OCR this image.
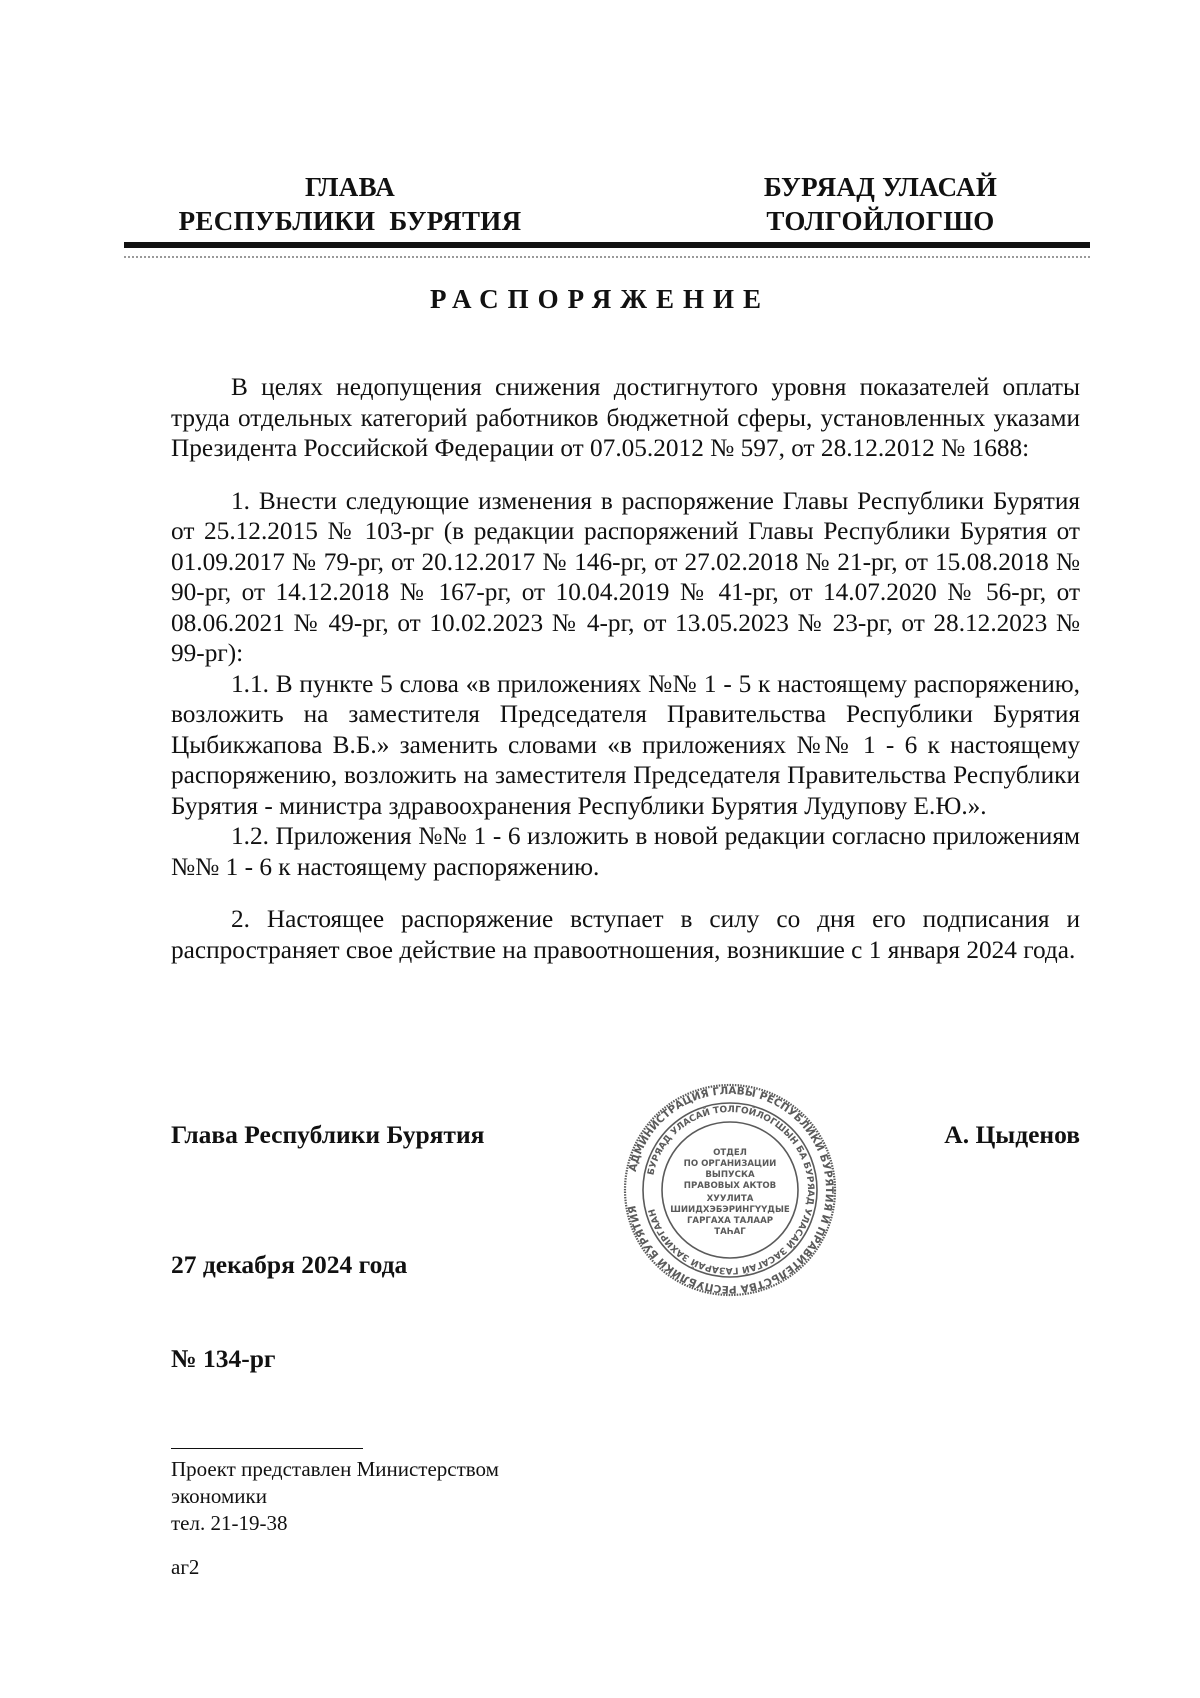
ГЛАВА
РЕСПУБЛИКИ  БУРЯТИЯ
БУРЯАД УЛАСАЙ
ТОЛГОЙЛОГШО
РАСПОРЯЖЕНИЕ

В целях недопущения снижения достигнутого уровня показателей оплаты труда отдельных категорий работников бюджетной сферы, установленных указами Президента Российской Федерации от 07.05.2012 № 597, от 28.12.2012 № 1688:

1. Внести следующие изменения в распоряжение Главы Республики Бурятия от 25.12.2015 № 103-рг (в редакции распоряжений Главы Республики Бурятия от 01.09.2017 № 79-рг, от 20.12.2017 № 146-рг, от 27.02.2018 № 21-рг, от 15.08.2018 № 90-рг, от 14.12.2018 № 167-рг, от 10.04.2019 № 41-рг, от 14.07.2020 № 56-рг, от 08.06.2021 № 49-рг, от 10.02.2023 № 4-рг, от 13.05.2023 № 23-рг, от 28.12.2023 № 99-рг):

1.1. В пункте 5 слова «в приложениях №№ 1 - 5 к настоящему распоряжению, возложить на заместителя Председателя Правительства Республики Бурятия Цыбикжапова В.Б.» заменить словами «в приложениях №№ 1 - 6 к настоящему распоряжению, возложить на заместителя Председателя Правительства Республики Бурятия - министра здравоохранения Республики Бурятия Лудупову Е.Ю.».

1.2. Приложения №№ 1 - 6 изложить в новой редакции согласно приложениям №№ 1 - 6 к настоящему распоряжению.

2. Настоящее распоряжение вступает в силу со дня его подписания и распространяет свое действие на правоотношения, возникшие с 1 января 2024 года.

Глава Республики Бурятия	А. Цыденов
АДМИНИСТРАЦИЯ ГЛАВЫ РЕСПУБЛИКИ БУРЯТИЯ И ПРАВИТЕЛЬСТВА РЕСПУБЛИКИ БУРЯТИЯ
БУРЯАД УЛАСАЙ ТОЛГОЙЛОГШЫН БА БУРЯАД УЛАСАЙ ЗАСАГАЙ ГАЗАРАЙ ЗАХИРГААН
ОТДЕЛ
ПО ОРГАНИЗАЦИИ
ВЫПУСКА
ПРАВОВЫХ АКТОВ
ХУУЛИТА
ШИИДХЭБЭРИНГҮҮДЫЕ
ГАРГАХА ТАЛААР
ТАҺАГ
27 декабря 2024 года
№ 134-рг
Проект представлен Министерством
экономики
тел. 21-19-38
аг2
